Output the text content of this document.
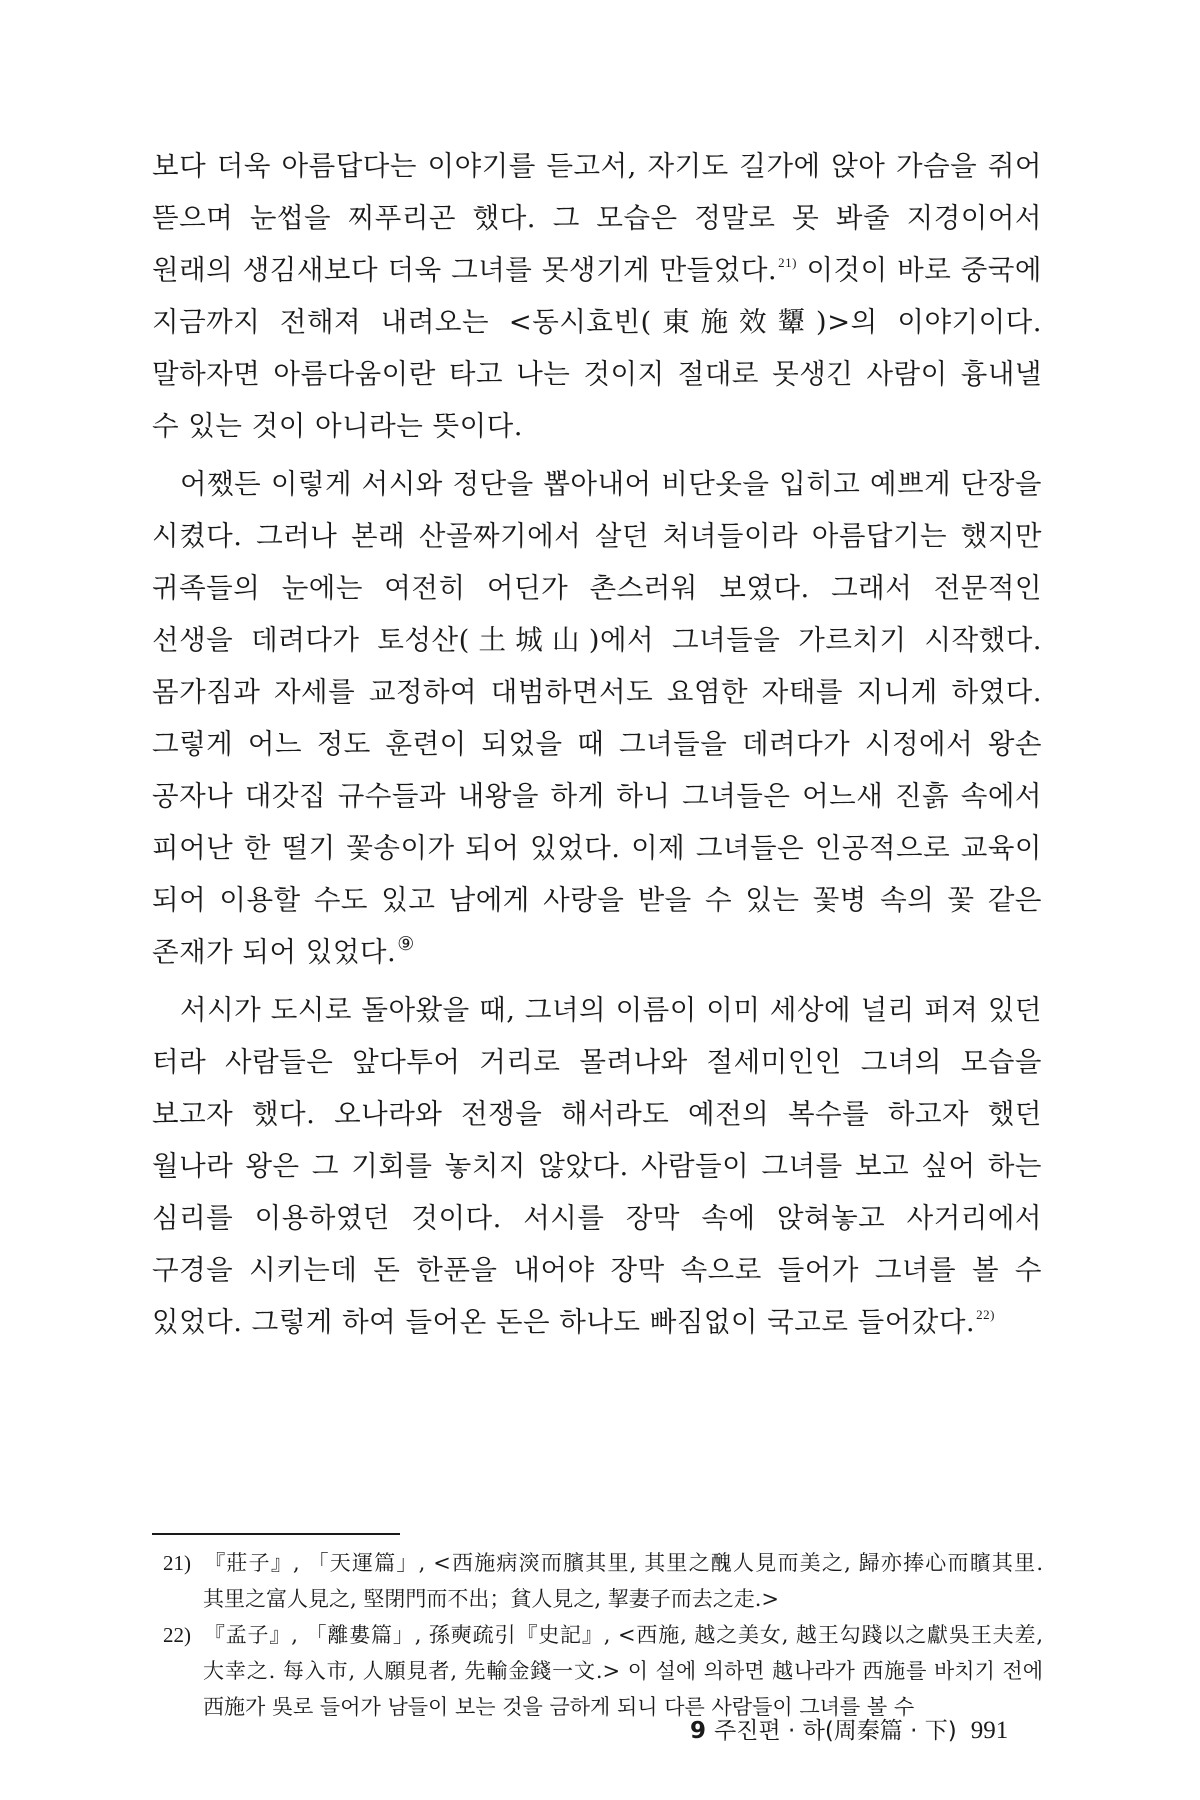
보다 더욱 아름답다는 이야기를 듣고서, 자기도 길가에 앉아 가슴을 쥐어 뜯으며 눈썹을 찌푸리곤 했다. 그 모습은 정말로 못 봐줄 지경이어서 원래의 생김새보다 더욱 그녀를 못생기게 만들었다.$^{21)}$ 이것이 바로 중국에 지금까지 전해져 내려오는 <동시효빈(東施效顰)>의 이야기이다. 말하자면 아름다움이란 타고 나는 것이지 절대로 못생긴 사람이 흉내낼 수 있는 것이 아니라는 뜻이다.

어쨌든 이렇게 서시와 정단을 뽑아내어 비단옷을 입히고 예쁘게 단장을 시켰다. 그러나 본래 산골짜기에서 살던 처녀들이라 아름답기는 했지만 귀족들의 눈에는 여전히 어딘가 촌스러워 보였다. 그래서 전문적인 선생을 데려다가 토성산(土城山)에서 그녀들을 가르치기 시작했다. 몸가짐과 자세를 교정하여 대범하면서도 요염한 자태를 지니게 하였다. 그렇게 어느 정도 훈련이 되었을 때 그녀들을 데려다가 시정에서 왕손 공자나 대갓집 규수들과 내왕을 하게 하니 그녀들은 어느새 진흙 속에서 피어난 한 떨기 꽃송이가 되어 있었다. 이제 그녀들은 인공적으로 교육이 되어 이용할 수도 있고 남에게 사랑을 받을 수 있는 꽃병 속의 꽃 같은 존재가 되어 있었다.⑨

서시가 도시로 돌아왔을 때, 그녀의 이름이 이미 세상에 널리 퍼져 있던 터라 사람들은 앞다투어 거리로 몰려나와 절세미인인 그녀의 모습을 보고자 했다. 오나라와 전쟁을 해서라도 예전의 복수를 하고자 했던 월나라 왕은 그 기회를 놓치지 않았다. 사람들이 그녀를 보고 싶어 하는 심리를 이용하였던 것이다. 서시를 장막 속에 앉혀놓고 사거리에서 구경을 시키는데 돈 한푼을 내어야 장막 속으로 들어가 그녀를 볼 수 있었다. 그렇게 하여 들어온 돈은 하나도 빠짐없이 국고로 들어갔다.$^{22)}$

21) 『莊子』, 「天運篇」, <西施病㴱而臏其里, 其里之醜人見而美之, 歸亦捧心而矉其里. 其里之富人見之, 堅閉門而不出；貧人見之, 挈妻子而去之走.>

22) 『孟子』, 「離婁篇」, 孫奭疏引『史記』, <西施, 越之美女, 越王勾踐以之獻吳王夫差, 大幸之. 每入市, 人願見者, 先輸金錢一文.> 이 설에 의하면 越나라가 西施를 바치기 전에 西施가 吳로 들어가 남들이 보는 것을 금하게 되니 다른 사람들이 그녀를 볼 수

9 주진편 · 하(周秦篇 · 下) 991
